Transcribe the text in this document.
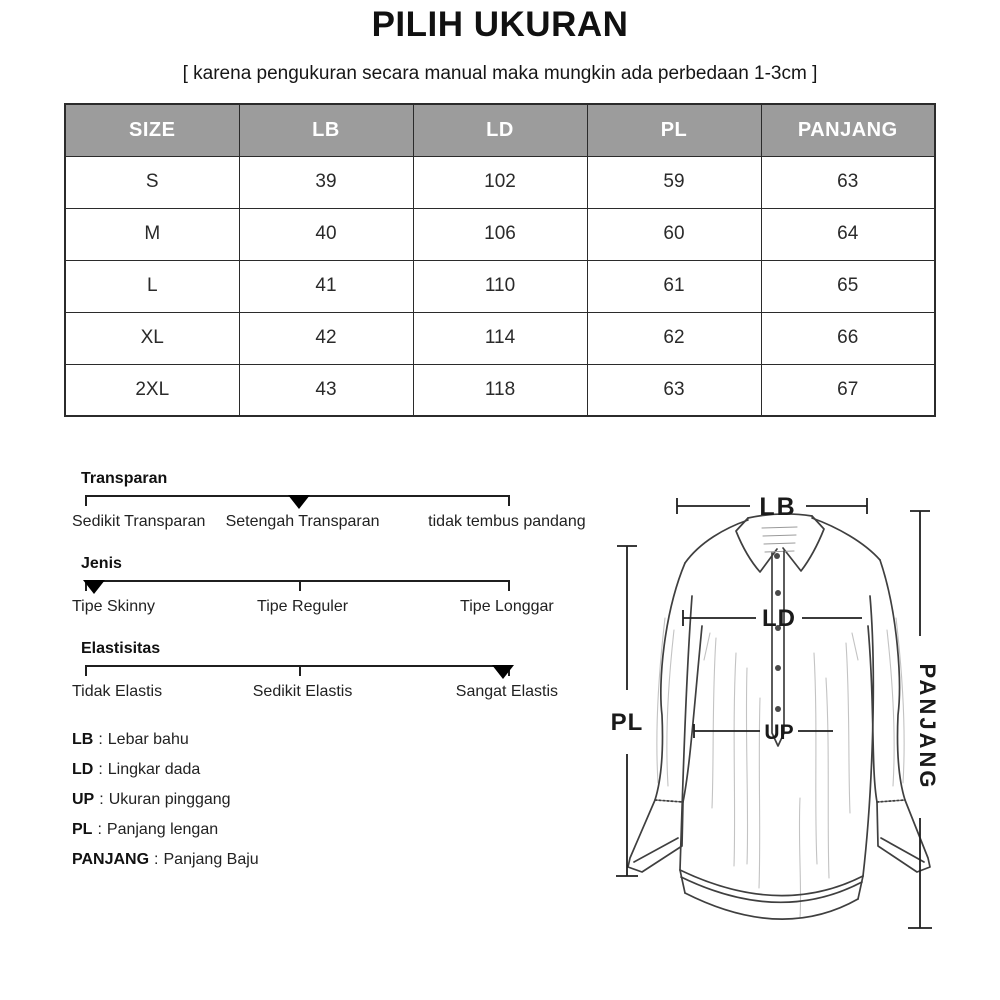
PILIH UKURAN
[ karena pengukuran secara manual maka mungkin ada perbedaan 1-3cm ]
SIZE	LB	LD	PL	PANJANG
S	39	102	59	63
M	40	106	60	64
L	41	110	61	65
XL	42	114	62	66
2XL	43	118	63	67
Transparan
Sedikit Transparan Setengah Transparan	tidak tembus pandang
Jenis
Tipe Skinny	Tipe Reguler	Tipe Longgar
Elastisitas
Tidak Elastis	Sedikit Elastis	Sangat Elastis
LB : Lebar bahu
LD : Lingkar dada
UP : Ukuran pinggang
PL : Panjang lengan
PANJANG : Panjang Baju
LB
LD
UP
PL	PANJANG
